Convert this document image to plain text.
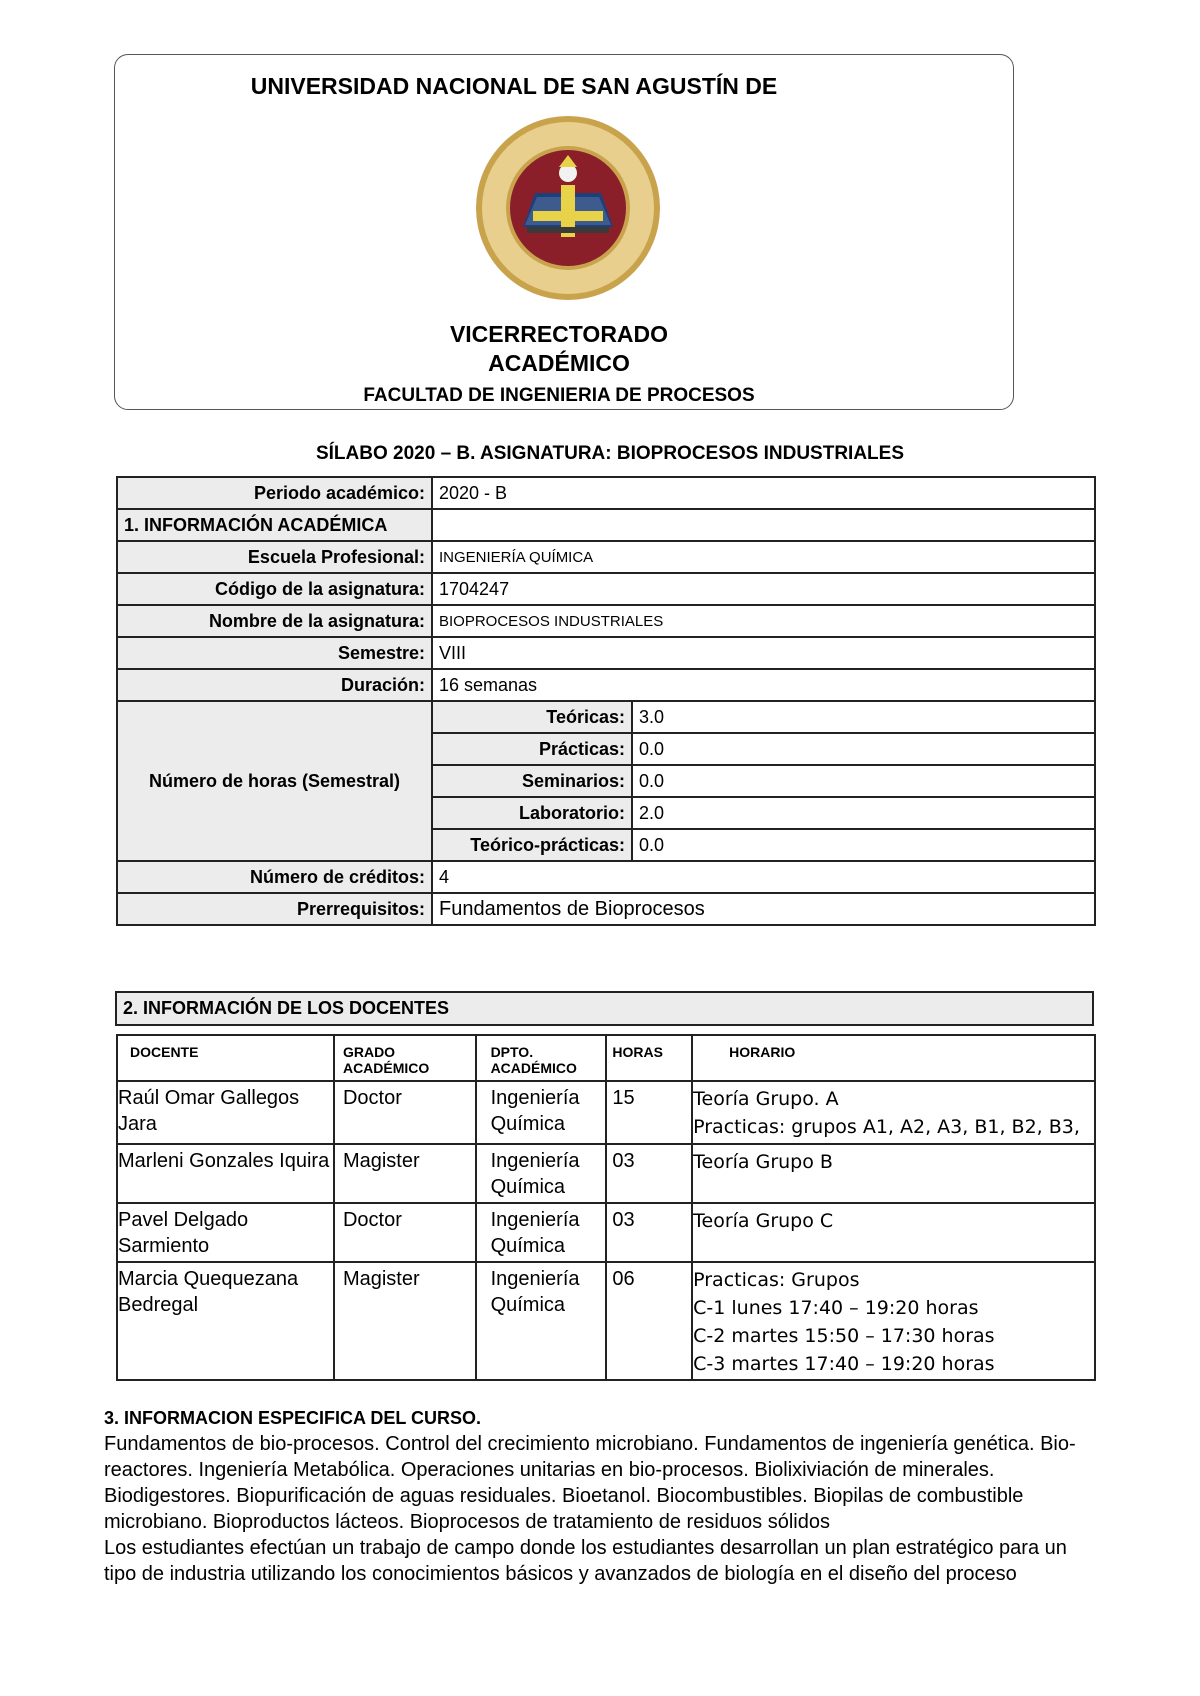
UNIVERSIDAD NACIONAL DE SAN AGUSTÍN DE
VICERRECTORADO
ACADÉMICO
FACULTAD DE INGENIERIA DE PROCESOS
SÍLABO 2020 – B. ASIGNATURA: BIOPROCESOS INDUSTRIALES
Periodo académico:	2020 - B	
1. INFORMACIÓN ACADÉMICA		
Escuela Profesional:	INGENIERÍA QUÍMICA	
Código de la asignatura:	1704247	
Nombre de la asignatura:	BIOPROCESOS INDUSTRIALES	
Semestre:	VIII	
Duración:	16 semanas	
Número de horas (Semestral)	Teóricas:	3.0
	Prácticas:	0.0
	Seminarios:	0.0
	Laboratorio:	2.0
	Teórico-prácticas:	0.0
Número de créditos:	4	
Prerrequisitos:	Fundamentos de Bioprocesos	
2. INFORMACIÓN DE LOS DOCENTES
DOCENTE	GRADO ACADÉMICO	DPTO. ACADÉMICO	HORAS	HORARIO
Raúl Omar Gallegos Jara	Doctor	Ingeniería Química	15	Teoría Grupo. A
Practicas: grupos A1, A2, A3, B1, B2, B3,

Marleni Gonzales Iquira	Magister	Ingeniería Química	03	Teoría Grupo B

Pavel Delgado Sarmiento	Doctor	Ingeniería Química	03	Teoría Grupo C

Marcia Quequezana Bedregal	Magister	Ingeniería Química	06	Practicas: Grupos
C-1 lunes 17:40 – 19:20 horas
C-2 martes 15:50 – 17:30 horas
C-3 martes 17:40 – 19:20 horas
3. INFORMACION ESPECIFICA DEL CURSO.
Fundamentos de bio-procesos. Control del crecimiento microbiano. Fundamentos de ingeniería genética. Bio-reactores. Ingeniería Metabólica. Operaciones unitarias en bio-procesos. Biolixiviación de minerales. Biodigestores. Biopurificación de aguas residuales. Bioetanol. Biocombustibles. Biopilas de combustible microbiano. Bioproductos lácteos. Bioprocesos de tratamiento de residuos sólidos
Los estudiantes efectúan un trabajo de campo donde los estudiantes desarrollan un plan estratégico para un tipo de industria utilizando los conocimientos básicos y avanzados de biología en el diseño del proceso
